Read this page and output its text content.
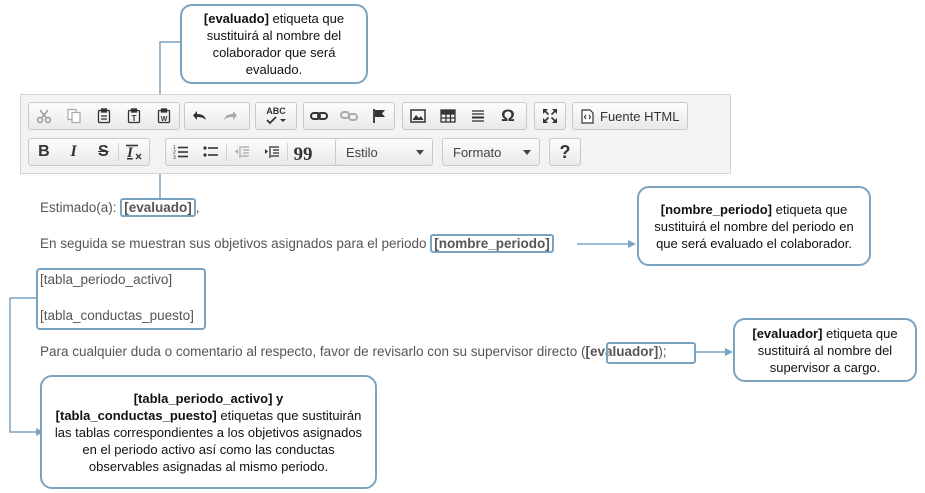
T	W
ABC	Ω	Fuente HTML
B I S I	1
2
3	99	Estilo	Formato	?
Estimado(a): [evaluado] ,
En seguida se muestran sus objetivos asignados para el periodo [nombre_periodo]
[tabla_periodo_activo]
[tabla_conductas_puesto]
Para cualquier duda o comentario al respecto, favor de revisarlo con su supervisor directo ([evaluador]);
[evaluado] etiqueta que sustituirá al nombre del colaborador que será evaluado.
[nombre_periodo] etiqueta que sustituirá el nombre del periodo en que será evaluado el colaborador.
[evaluador] etiqueta que sustituirá al nombre del supervisor a cargo.
[tabla_periodo_activo] y [tabla_conductas_puesto] etiquetas que sustituirán las tablas correspondientes a los objetivos asignados en el periodo activo así como las conductas observables asignadas al mismo periodo.
